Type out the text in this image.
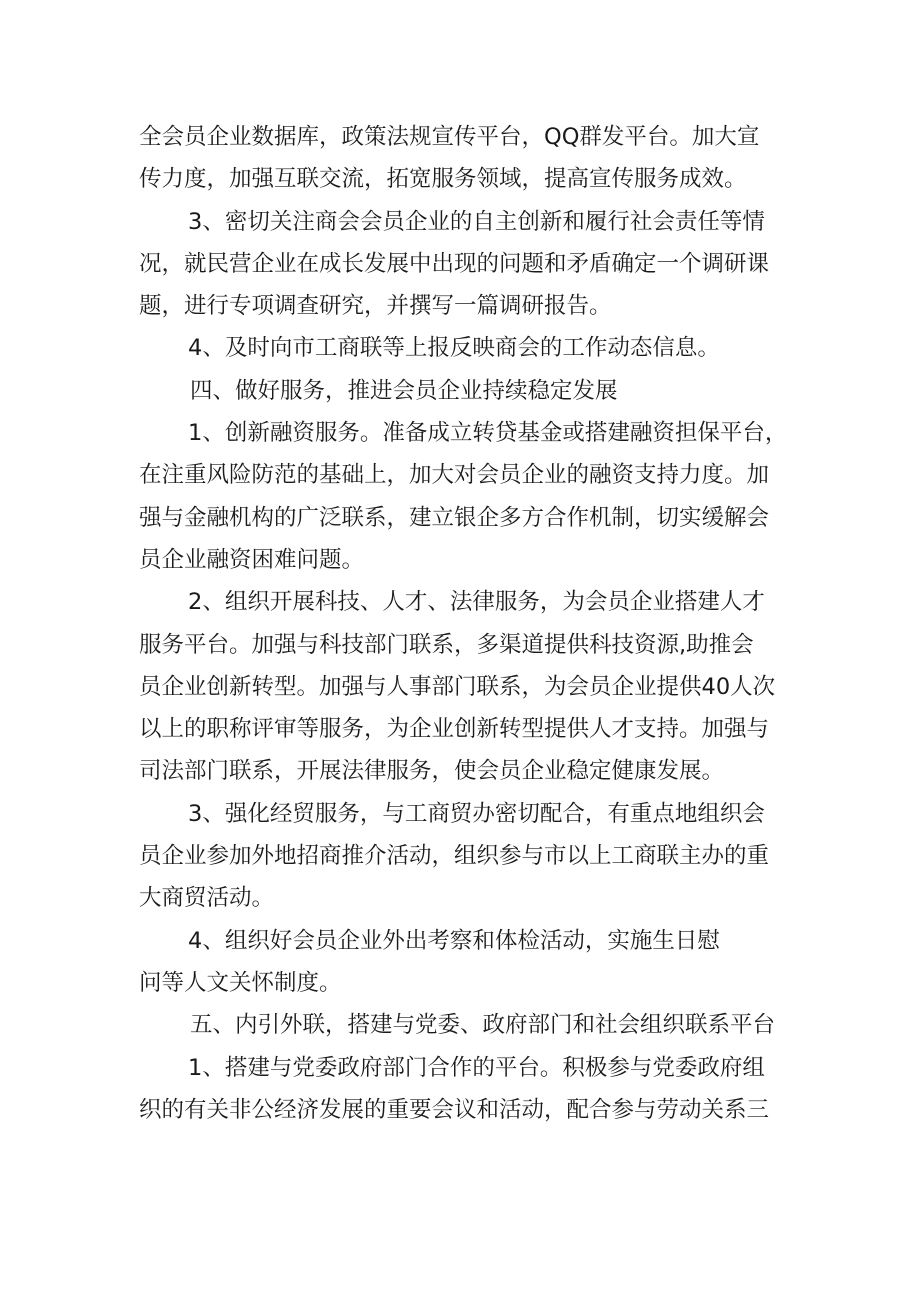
全会员企业数据库，政策法规宣传平台，QQ群发平台。加大宣
传力度，加强互联交流，拓宽服务领域，提高宣传服务成效。
3、密切关注商会会员企业的自主创新和履行社会责任等情
况，就民营企业在成长发展中出现的问题和矛盾确定一个调研课
题，进行专项调查研究，并撰写一篇调研报告。
4、及时向市工商联等上报反映商会的工作动态信息。
四、做好服务，推进会员企业持续稳定发展
1、创新融资服务。准备成立转贷基金或搭建融资担保平台，
在注重风险防范的基础上，加大对会员企业的融资支持力度。加
强与金融机构的广泛联系，建立银企多方合作机制，切实缓解会
员企业融资困难问题。
2、组织开展科技、人才、法律服务，为会员企业搭建人才
服务平台。加强与科技部门联系，多渠道提供科技资源,助推会
员企业创新转型。加强与人事部门联系，为会员企业提供40人次
以上的职称评审等服务，为企业创新转型提供人才支持。加强与
司法部门联系，开展法律服务，使会员企业稳定健康发展。
3、强化经贸服务，与工商贸办密切配合，有重点地组织会
员企业参加外地招商推介活动，组织参与市以上工商联主办的重
大商贸活动。
4、组织好会员企业外出考察和体检活动，实施生日慰
问等人文关怀制度。
五、内引外联，搭建与党委、政府部门和社会组织联系平台
1、搭建与党委政府部门合作的平台。积极参与党委政府组
织的有关非公经济发展的重要会议和活动，配合参与劳动关系三
